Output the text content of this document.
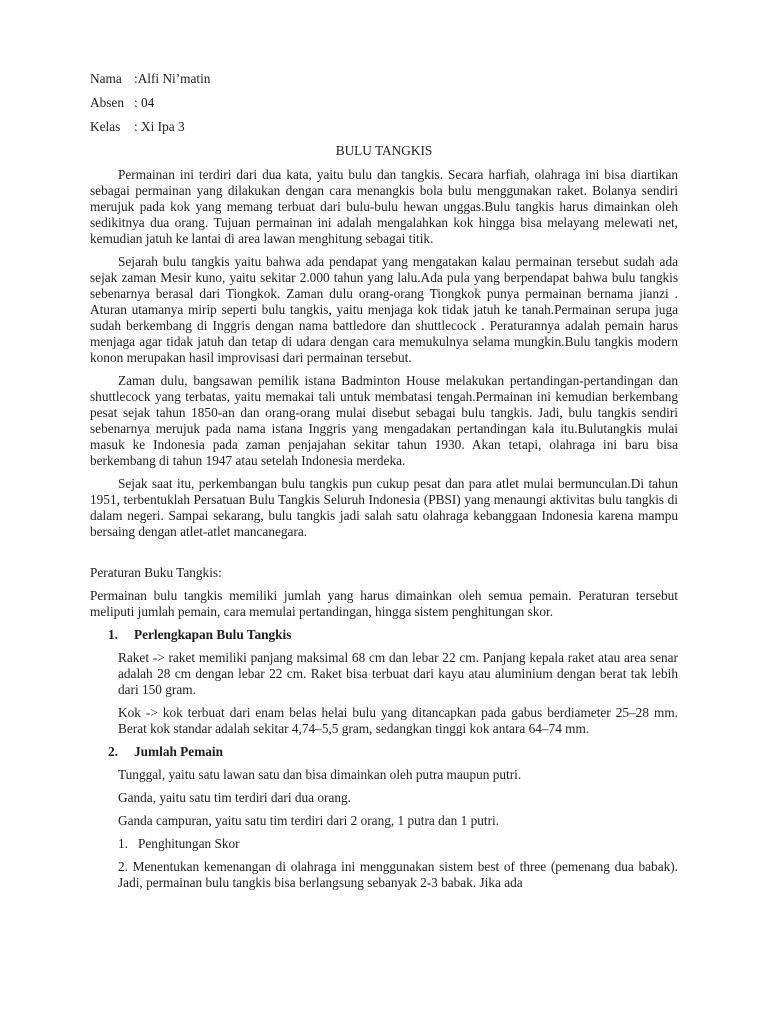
Nama :Alfi Ni’matin
Absen : 04
Kelas	: Xi Ipa 3
BULU TANGKIS

Permainan ini terdiri dari dua kata, yaitu bulu dan tangkis. Secara harfiah, olahraga ini bisa diartikan sebagai permainan yang dilakukan dengan cara menangkis bola bulu menggunakan raket. Bolanya sendiri merujuk pada kok yang memang terbuat dari bulu-bulu hewan unggas.Bulu tangkis harus dimainkan oleh sedikitnya dua orang. Tujuan permainan ini adalah mengalahkan kok hingga bisa melayang melewati net, kemudian jatuh ke lantai di area lawan menghitung sebagai titik.

Sejarah bulu tangkis yaitu bahwa ada pendapat yang mengatakan kalau permainan tersebut sudah ada sejak zaman Mesir kuno, yaitu sekitar 2.000 tahun yang lalu.Ada pula yang berpendapat bahwa bulu tangkis sebenarnya berasal dari Tiongkok. Zaman dulu orang-orang Tiongkok punya permainan bernama jianzi . Aturan utamanya mirip seperti bulu tangkis, yaitu menjaga kok tidak jatuh ke tanah.Permainan serupa juga sudah berkembang di Inggris dengan nama battledore dan shuttlecock . Peraturannya adalah pemain harus menjaga agar tidak jatuh dan tetap di udara dengan cara memukulnya selama mungkin.Bulu tangkis modern konon merupakan hasil improvisasi dari permainan tersebut.

Zaman dulu, bangsawan pemilik istana Badminton House melakukan pertandingan-pertandingan dan shuttlecock yang terbatas, yaitu memakai tali untuk membatasi tengah.Permainan ini kemudian berkembang pesat sejak tahun 1850-an dan orang-orang mulai disebut sebagai bulu tangkis. Jadi, bulu tangkis sendiri sebenarnya merujuk pada nama istana Inggris yang mengadakan pertandingan kala itu.Bulutangkis mulai masuk ke Indonesia pada zaman penjajahan sekitar tahun 1930. Akan tetapi, olahraga ini baru bisa berkembang di tahun 1947 atau setelah Indonesia merdeka.

Sejak saat itu, perkembangan bulu tangkis pun cukup pesat dan para atlet mulai bermunculan.Di tahun 1951, terbentuklah Persatuan Bulu Tangkis Seluruh Indonesia (PBSI) yang menaungi aktivitas bulu tangkis di dalam negeri. Sampai sekarang, bulu tangkis jadi salah satu olahraga kebanggaan Indonesia karena mampu bersaing dengan atlet-atlet mancanegara.

Peraturan Buku Tangkis:

Permainan bulu tangkis memiliki jumlah yang harus dimainkan oleh semua pemain. Peraturan tersebut meliputi jumlah pemain, cara memulai pertandingan, hingga sistem penghitungan skor.

1.	Perlengkapan Bulu Tangkis

Raket -> raket memiliki panjang maksimal 68 cm dan lebar 22 cm. Panjang kepala raket atau area senar adalah 28 cm dengan lebar 22 cm. Raket bisa terbuat dari kayu atau aluminium dengan berat tak lebih dari 150 gram.

Kok -> kok terbuat dari enam belas helai bulu yang ditancapkan pada gabus berdiameter 25–28 mm. Berat kok standar adalah sekitar 4,74–5,5 gram, sedangkan tinggi kok antara 64–74 mm.

2.	Jumlah Pemain

Tunggal, yaitu satu lawan satu dan bisa dimainkan oleh putra maupun putri.

Ganda, yaitu satu tim terdiri dari dua orang.

Ganda campuran, yaitu satu tim terdiri dari 2 orang, 1 putra dan 1 putri.

1. Penghitungan Skor

2. Menentukan kemenangan di olahraga ini menggunakan sistem best of three (pemenang dua babak). Jadi, permainan bulu tangkis bisa berlangsung sebanyak 2-3 babak. Jika ada
